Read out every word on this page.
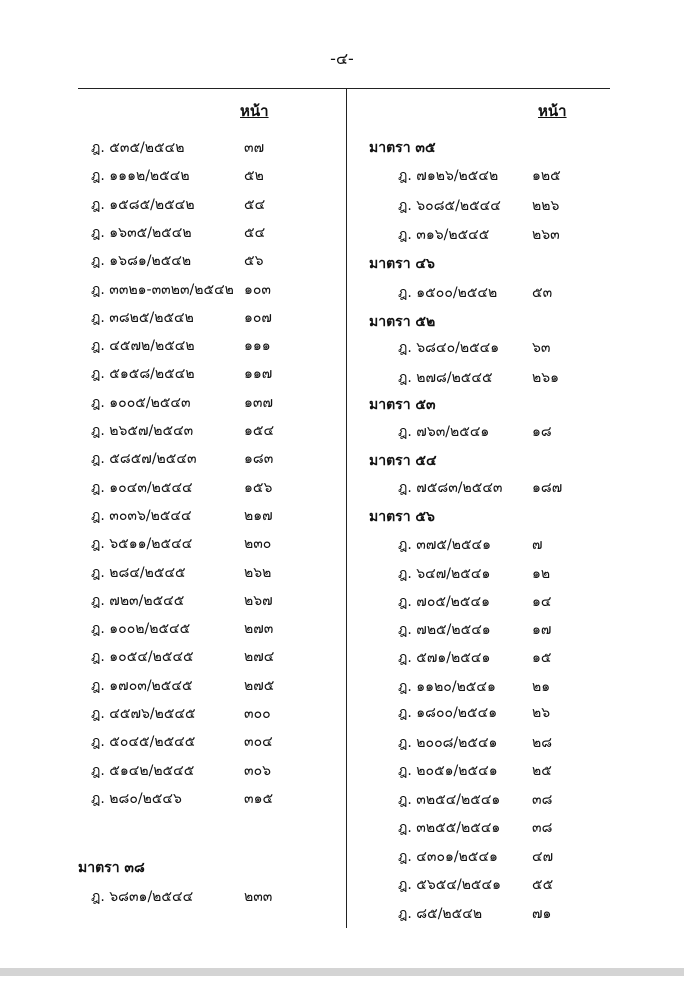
-๔-
หน้า	หน้า
ฎ. ๕๓๕/๒๕๔๒	๓๗
ฎ. ๑๑๑๒/๒๕๔๒	๕๒
ฎ. ๑๕๘๕/๒๕๔๒	๕๔
ฎ. ๑๖๓๕/๒๕๔๒	๕๔
ฎ. ๑๖๘๑/๒๕๔๒	๕๖
ฎ. ๓๓๒๑-๓๓๒๓/๒๕๔๒ ๑๐๓
ฎ. ๓๘๒๕/๒๕๔๒	๑๐๗
ฎ. ๔๕๗๒/๒๕๔๒	๑๑๑
ฎ. ๕๑๕๘/๒๕๔๒	๑๑๗
ฎ. ๑๐๐๕/๒๕๔๓	๑๓๗
ฎ. ๒๖๕๗/๒๕๔๓	๑๕๔
ฎ. ๕๘๕๗/๒๕๔๓	๑๘๓
ฎ. ๑๐๔๓/๒๕๔๔	๑๕๖
ฎ. ๓๐๓๖/๒๕๔๔	๒๑๗
ฎ. ๖๕๑๑/๒๕๔๔	๒๓๐
ฎ. ๒๘๔/๒๕๔๕	๒๖๒
ฎ. ๗๒๓/๒๕๔๕	๒๖๗
ฎ. ๑๐๐๒/๒๕๔๕	๒๗๓
ฎ. ๑๐๕๔/๒๕๔๕	๒๗๔
ฎ. ๑๗๐๓/๒๕๔๕	๒๗๕
ฎ. ๔๕๗๖/๒๕๔๕	๓๐๐
ฎ. ๕๐๔๕/๒๕๔๕	๓๐๔
ฎ. ๕๑๔๒/๒๕๔๕	๓๐๖
ฎ. ๒๘๐/๒๕๔๖	๓๑๕
มาตรา ๓๘
ฎ. ๖๘๓๑/๒๕๔๔	๒๓๓
มาตรา ๓๕
ฎ. ๗๑๒๖/๒๕๔๒ ๑๒๕
ฎ. ๖๐๘๕/๒๕๔๔ ๒๒๖
ฎ. ๓๑๖/๒๕๔๕	๒๖๓
มาตรา ๔๖
ฎ. ๑๕๐๐/๒๕๔๒ ๕๓
มาตรา ๕๒
ฎ. ๖๘๔๐/๒๕๔๑ ๖๓
ฎ. ๒๗๘/๒๕๔๕	๒๖๑
มาตรา ๕๓
ฎ. ๗๖๓/๒๕๔๑	๑๘
มาตรา ๕๔
ฎ. ๗๕๘๓/๒๕๔๓ ๑๘๗
มาตรา ๕๖
ฎ. ๓๗๕/๒๕๔๑	๗
ฎ. ๖๔๗/๒๕๔๑	๑๒
ฎ. ๗๐๕/๒๕๔๑	๑๔
ฎ. ๗๒๕/๒๕๔๑	๑๗
ฎ. ๕๗๑/๒๕๔๑	๑๕
ฎ. ๑๑๒๐/๒๕๔๑	๒๑
ฎ. ๑๘๐๐/๒๕๔๑ ๒๖
ฎ. ๒๐๐๘/๒๕๔๑ ๒๘
ฎ. ๒๐๕๑/๒๕๔๑ ๒๕
ฎ. ๓๒๕๔/๒๕๔๑ ๓๘
ฎ. ๓๒๕๕/๒๕๔๑ ๓๘
ฎ. ๔๓๐๑/๒๕๔๑ ๔๗
ฎ. ๕๖๕๔/๒๕๔๑ ๕๕
ฎ. ๘๕/๒๕๔๒	๗๑
